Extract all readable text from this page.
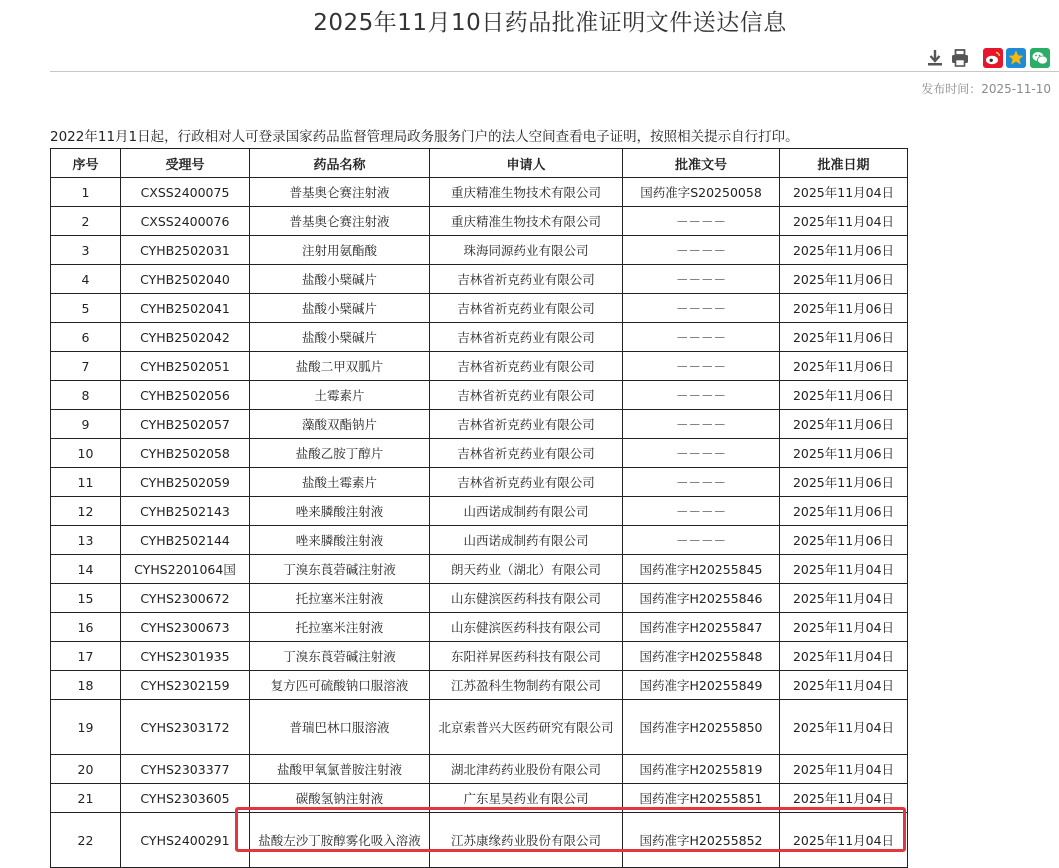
2025年11月10日药品批准证明文件送达信息
发布时间：2025-11-10
2022年11月1日起，行政相对人可登录国家药品监督管理局政务服务门户的法人空间查看电子证明，按照相关提示自行打印。
序号	受理号	药品名称	申请人	批准文号	批准日期
1	CXSS2400075	普基奥仑赛注射液	重庆精准生物技术有限公司	国药准字S20250058	2025年11月04日
2	CXSS2400076	普基奥仑赛注射液	重庆精准生物技术有限公司	－－－－	2025年11月04日
3	CYHB2502031	注射用氨酯酸	珠海同源药业有限公司	－－－－	2025年11月06日
4	CYHB2502040	盐酸小檗碱片	吉林省祈克药业有限公司	－－－－	2025年11月06日
5	CYHB2502041	盐酸小檗碱片	吉林省祈克药业有限公司	－－－－	2025年11月06日
6	CYHB2502042	盐酸小檗碱片	吉林省祈克药业有限公司	－－－－	2025年11月06日
7	CYHB2502051	盐酸二甲双胍片	吉林省祈克药业有限公司	－－－－	2025年11月06日
8	CYHB2502056	土霉素片	吉林省祈克药业有限公司	－－－－	2025年11月06日
9	CYHB2502057	藻酸双酯钠片	吉林省祈克药业有限公司	－－－－	2025年11月06日
10	CYHB2502058	盐酸乙胺丁醇片	吉林省祈克药业有限公司	－－－－	2025年11月06日
11	CYHB2502059	盐酸土霉素片	吉林省祈克药业有限公司	－－－－	2025年11月06日
12	CYHB2502143	唑来膦酸注射液	山西诺成制药有限公司	－－－－	2025年11月06日
13	CYHB2502144	唑来膦酸注射液	山西诺成制药有限公司	－－－－	2025年11月06日
14	CYHS2201064国	丁溴东莨菪碱注射液	朗天药业（湖北）有限公司	国药准字H20255845	2025年11月04日
15	CYHS2300672	托拉塞米注射液	山东健滨医药科技有限公司	国药准字H20255846	2025年11月04日
16	CYHS2300673	托拉塞米注射液	山东健滨医药科技有限公司	国药准字H20255847	2025年11月04日
17	CYHS2301935	丁溴东莨菪碱注射液	东阳祥昇医药科技有限公司	国药准字H20255848	2025年11月04日
18	CYHS2302159	复方匹可硫酸钠口服溶液	江苏盈科生物制药有限公司	国药准字H20255849	2025年11月04日
19	CYHS2303172	普瑞巴林口服溶液	北京索普兴大医药研究有限公司	国药准字H20255850	2025年11月04日
20	CYHS2303377	盐酸甲氧氯普胺注射液	湖北津药药业股份有限公司	国药准字H20255819	2025年11月04日
21	CYHS2303605	碳酸氢钠注射液	广东星昊药业有限公司	国药准字H20255851	2025年11月04日
22	CYHS2400291	盐酸左沙丁胺醇雾化吸入溶液	江苏康缘药业股份有限公司	国药准字H20255852	2025年11月04日
